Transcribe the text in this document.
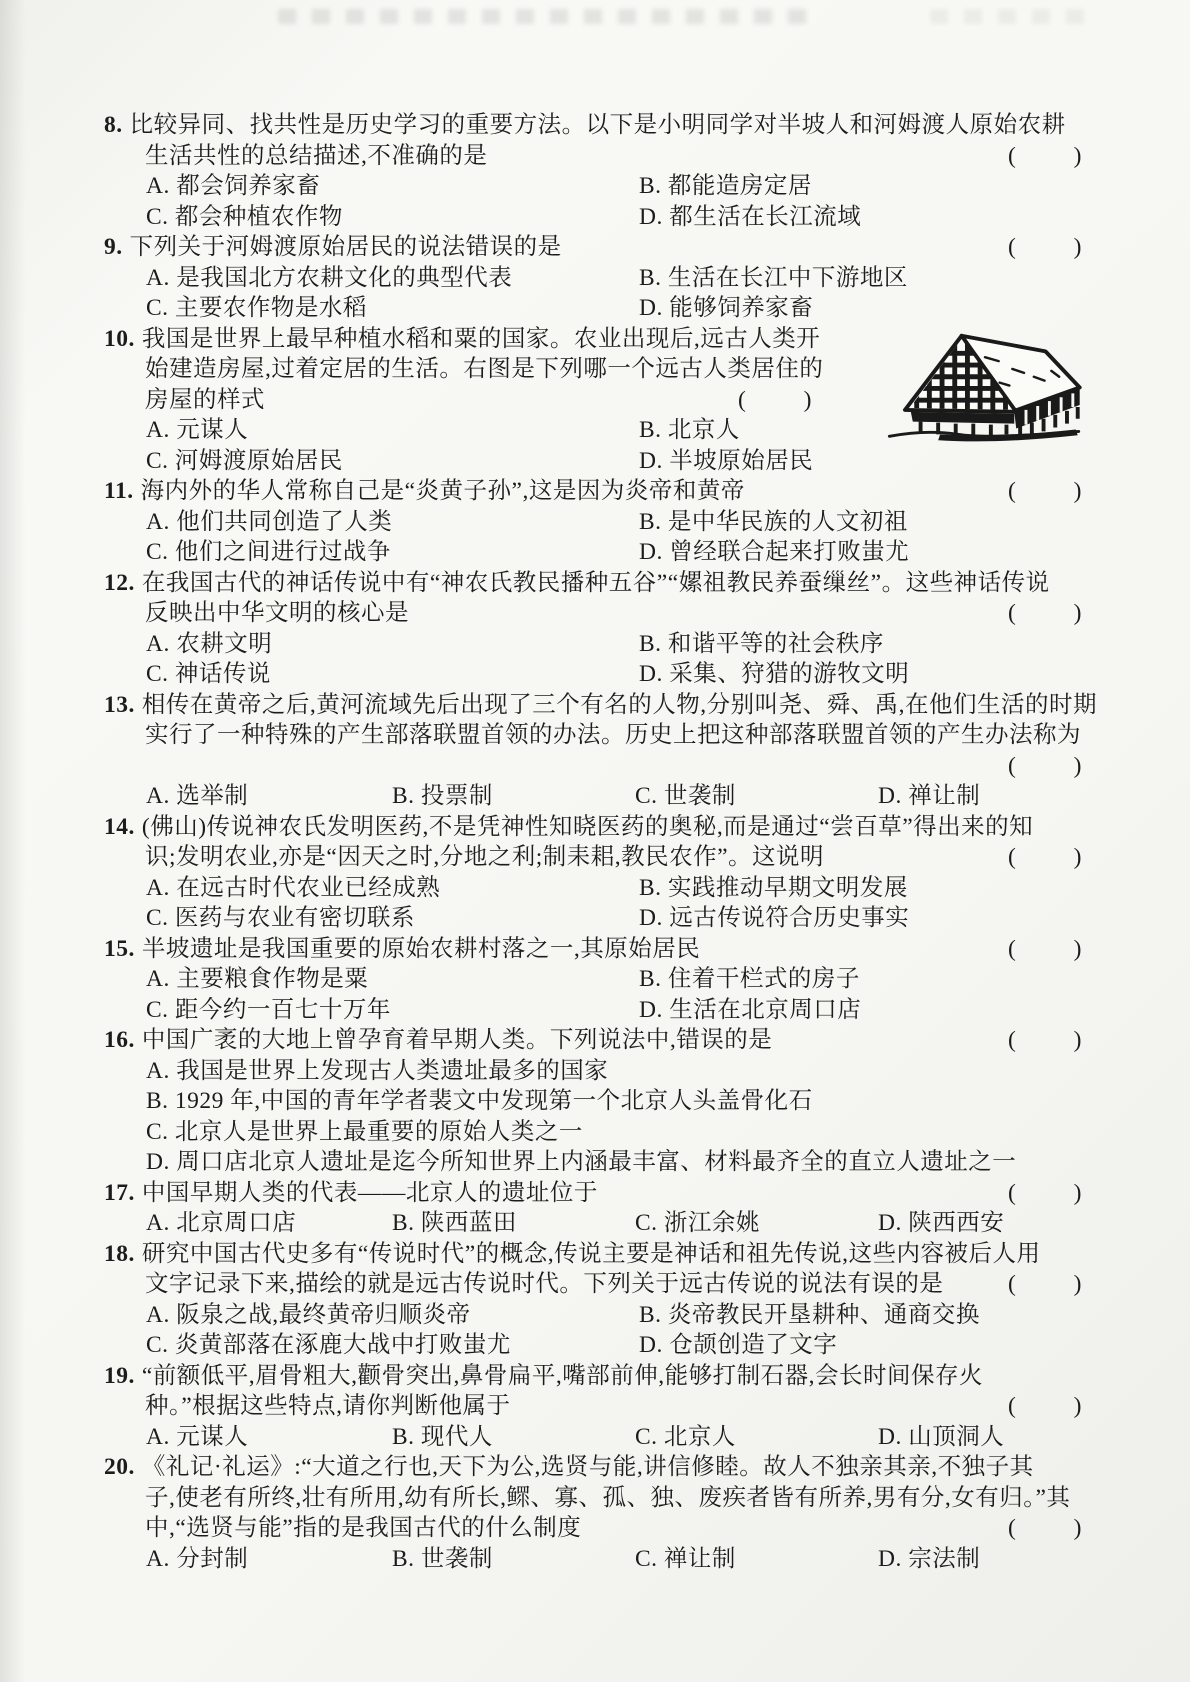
8. 比较异同、找共性是历史学习的重要方法。以下是小明同学对半坡人和河姆渡人原始农耕
生活共性的总结描述,不准确的是	( )
A. 都会饲养家畜	B. 都能造房定居
C. 都会种植农作物	D. 都生活在长江流域
9. 下列关于河姆渡原始居民的说法错误的是	( )
A. 是我国北方农耕文化的典型代表	B. 生活在长江中下游地区
C. 主要农作物是水稻	D. 能够饲养家畜
10. 我国是世界上最早种植水稻和粟的国家。农业出现后,远古人类开
始建造房屋,过着定居的生活。右图是下列哪一个远古人类居住的
房屋的样式	( )
A. 元谋人	B. 北京人
C. 河姆渡原始居民	D. 半坡原始居民
11. 海内外的华人常称自己是“炎黄子孙”,这是因为炎帝和黄帝	( )
A. 他们共同创造了人类	B. 是中华民族的人文初祖
C. 他们之间进行过战争	D. 曾经联合起来打败蚩尤
12. 在我国古代的神话传说中有“神农氏教民播种五谷”“嫘祖教民养蚕缫丝”。这些神话传说
反映出中华文明的核心是	( )
A. 农耕文明	B. 和谐平等的社会秩序
C. 神话传说	D. 采集、狩猎的游牧文明
13. 相传在黄帝之后,黄河流域先后出现了三个有名的人物,分别叫尧、舜、禹,在他们生活的时期
实行了一种特殊的产生部落联盟首领的办法。历史上把这种部落联盟首领的产生办法称为
( )
A. 选举制	B. 投票制	C. 世袭制	D. 禅让制
14. (佛山)传说神农氏发明医药,不是凭神性知晓医药的奥秘,而是通过“尝百草”得出来的知
识;发明农业,亦是“因天之时,分地之利;制耒耜,教民农作”。这说明	( )
A. 在远古时代农业已经成熟	B. 实践推动早期文明发展
C. 医药与农业有密切联系	D. 远古传说符合历史事实
15. 半坡遗址是我国重要的原始农耕村落之一,其原始居民	( )
A. 主要粮食作物是粟	B. 住着干栏式的房子
C. 距今约一百七十万年	D. 生活在北京周口店
16. 中国广袤的大地上曾孕育着早期人类。下列说法中,错误的是	( )
A. 我国是世界上发现古人类遗址最多的国家
B. 1929 年,中国的青年学者裴文中发现第一个北京人头盖骨化石
C. 北京人是世界上最重要的原始人类之一
D. 周口店北京人遗址是迄今所知世界上内涵最丰富、材料最齐全的直立人遗址之一
17. 中国早期人类的代表——北京人的遗址位于	( )
A. 北京周口店	B. 陕西蓝田	C. 浙江余姚	D. 陕西西安
18. 研究中国古代史多有“传说时代”的概念,传说主要是神话和祖先传说,这些内容被后人用
文字记录下来,描绘的就是远古传说时代。下列关于远古传说的说法有误的是	( )
A. 阪泉之战,最终黄帝归顺炎帝	B. 炎帝教民开垦耕种、通商交换
C. 炎黄部落在涿鹿大战中打败蚩尤	D. 仓颉创造了文字
19. “前额低平,眉骨粗大,颧骨突出,鼻骨扁平,嘴部前伸,能够打制石器,会长时间保存火
种。”根据这些特点,请你判断他属于	( )
A. 元谋人	B. 现代人	C. 北京人	D. 山顶洞人
20. 《礼记·礼运》:“大道之行也,天下为公,选贤与能,讲信修睦。故人不独亲其亲,不独子其
子,使老有所终,壮有所用,幼有所长,鳏、寡、孤、独、废疾者皆有所养,男有分,女有归。”其
中,“选贤与能”指的是我国古代的什么制度	( )
A. 分封制	B. 世袭制	C. 禅让制	D. 宗法制
